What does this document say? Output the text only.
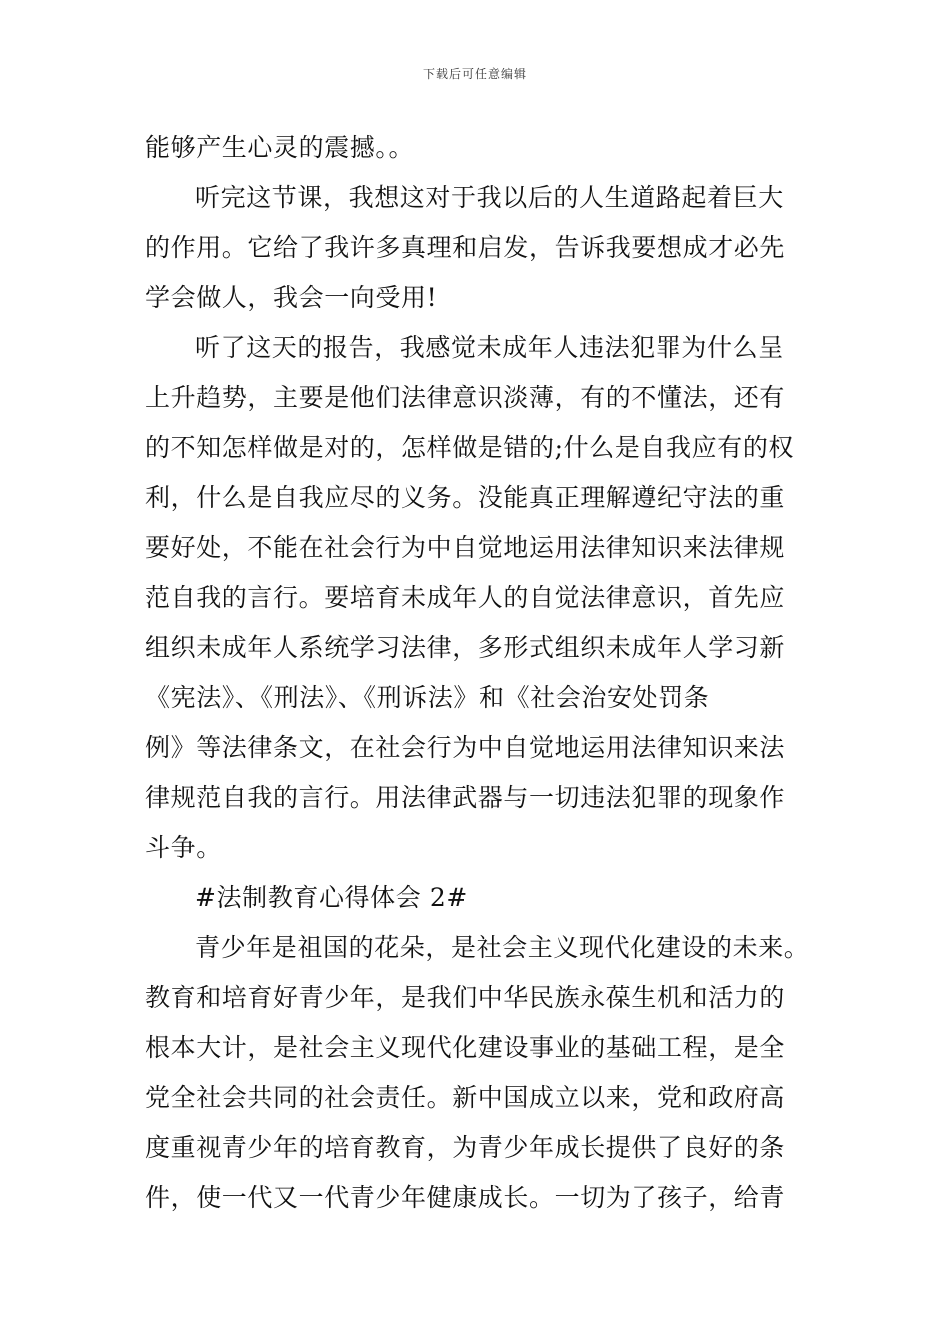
下载后可任意编辑
能够产生心灵的震撼。。
听完这节课，我想这对于我以后的人生道路起着巨大
的作用。它给了我许多真理和启发，告诉我要想成才必先
学会做人，我会一向受用!
听了这天的报告，我感觉未成年人违法犯罪为什么呈
上升趋势，主要是他们法律意识淡薄，有的不懂法，还有
的不知怎样做是对的，怎样做是错的;什么是自我应有的权
利，什么是自我应尽的义务。没能真正理解遵纪守法的重
要好处，不能在社会行为中自觉地运用法律知识来法律规
范自我的言行。要培育未成年人的自觉法律意识，首先应
组织未成年人系统学习法律，多形式组织未成年人学习新
《宪法》、《刑法》、《刑诉法》和《社会治安处罚条
例》等法律条文，在社会行为中自觉地运用法律知识来法
律规范自我的言行。用法律武器与一切违法犯罪的现象作
斗争。
#法制教育心得体会 2#
青少年是祖国的花朵，是社会主义现代化建设的未来。
教育和培育好青少年，是我们中华民族永葆生机和活力的
根本大计，是社会主义现代化建设事业的基础工程，是全
党全社会共同的社会责任。新中国成立以来，党和政府高
度重视青少年的培育教育，为青少年成长提供了良好的条
件，使一代又一代青少年健康成长。一切为了孩子，给青
